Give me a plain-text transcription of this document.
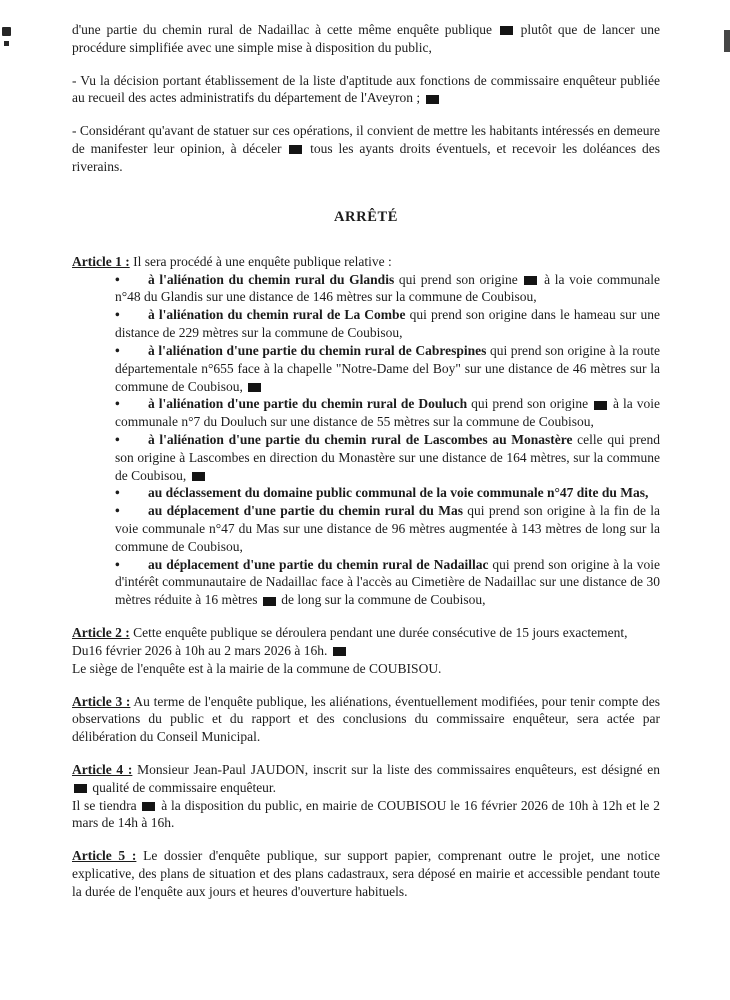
d'une partie du chemin rural de Nadaillac à cette même enquête publique  plutôt que de lancer une procédure simplifiée avec une simple mise à disposition du public,

- Vu la décision portant établissement de la liste d'aptitude aux fonctions de commissaire enquêteur publiée au recueil des actes administratifs du département de l'Aveyron ;

- Considérant qu'avant de statuer sur ces opérations, il convient de mettre les habitants intéressés en demeure de manifester leur opinion, à déceler  tous les ayants droits éventuels, et recevoir les doléances des riverains.

ARRÊTÉ

Article 1 : Il sera procédé à une enquête publique relative :

• à l'aliénation du chemin rural du Glandis qui prend son origine  à la voie communale n°48 du Glandis sur une distance de 146 mètres sur la commune de Coubisou,

• à l'aliénation du chemin rural de La Combe qui prend son origine dans le hameau sur une distance de 229 mètres sur la commune de Coubisou,

• à l'aliénation d'une partie du chemin rural de Cabrespines qui prend son origine à la route départementale n°655 face à la chapelle "Notre-Dame del Boy" sur une distance de 46 mètres sur la commune de Coubisou,

• à l'aliénation d'une partie du chemin rural de Douluch qui prend son origine  à la voie communale n°7 du Douluch sur une distance de 55 mètres sur la commune de Coubisou,

• à l'aliénation d'une partie du chemin rural de Lascombes au Monastère celle qui prend son origine à Lascombes en direction du Monastère sur une distance de 164 mètres, sur la commune de Coubisou,

• au déclassement du domaine public communal de la voie communale n°47 dite du Mas,

• au déplacement d'une partie du chemin rural du Mas qui prend son origine à la fin de la voie communale n°47 du Mas sur une distance de 96 mètres augmentée à 143 mètres de long sur la commune de Coubisou,

• au déplacement d'une partie du chemin rural de Nadaillac qui prend son origine à la voie d'intérêt communautaire de Nadaillac face à l'accès au Cimetière de Nadaillac sur une distance de 30 mètres réduite à 16 mètres  de long sur la commune de Coubisou,

Article 2 : Cette enquête publique se déroulera pendant une durée consécutive de 15 jours exactement,
Du16 février 2026 à 10h au 2 mars 2026 à 16h.
Le siège de l'enquête est à la mairie de la commune de COUBISOU.

Article 3 : Au terme de l'enquête publique, les aliénations, éventuellement modifiées, pour tenir compte des observations du public et du rapport et des conclusions du commissaire enquêteur, sera actée par délibération du Conseil Municipal.

Article 4 : Monsieur Jean-Paul JAUDON, inscrit sur la liste des commissaires enquêteurs, est désigné en  qualité de commissaire enquêteur.
Il se tiendra  à la disposition du public, en mairie de COUBISOU le 16 février 2026 de 10h à 12h et le 2 mars de 14h à 16h.

Article 5 : Le dossier d'enquête publique, sur support papier, comprenant outre le projet, une notice explicative, des plans de situation et des plans cadastraux, sera déposé en mairie et accessible pendant toute la durée de l'enquête aux jours et heures d'ouverture habituels.
